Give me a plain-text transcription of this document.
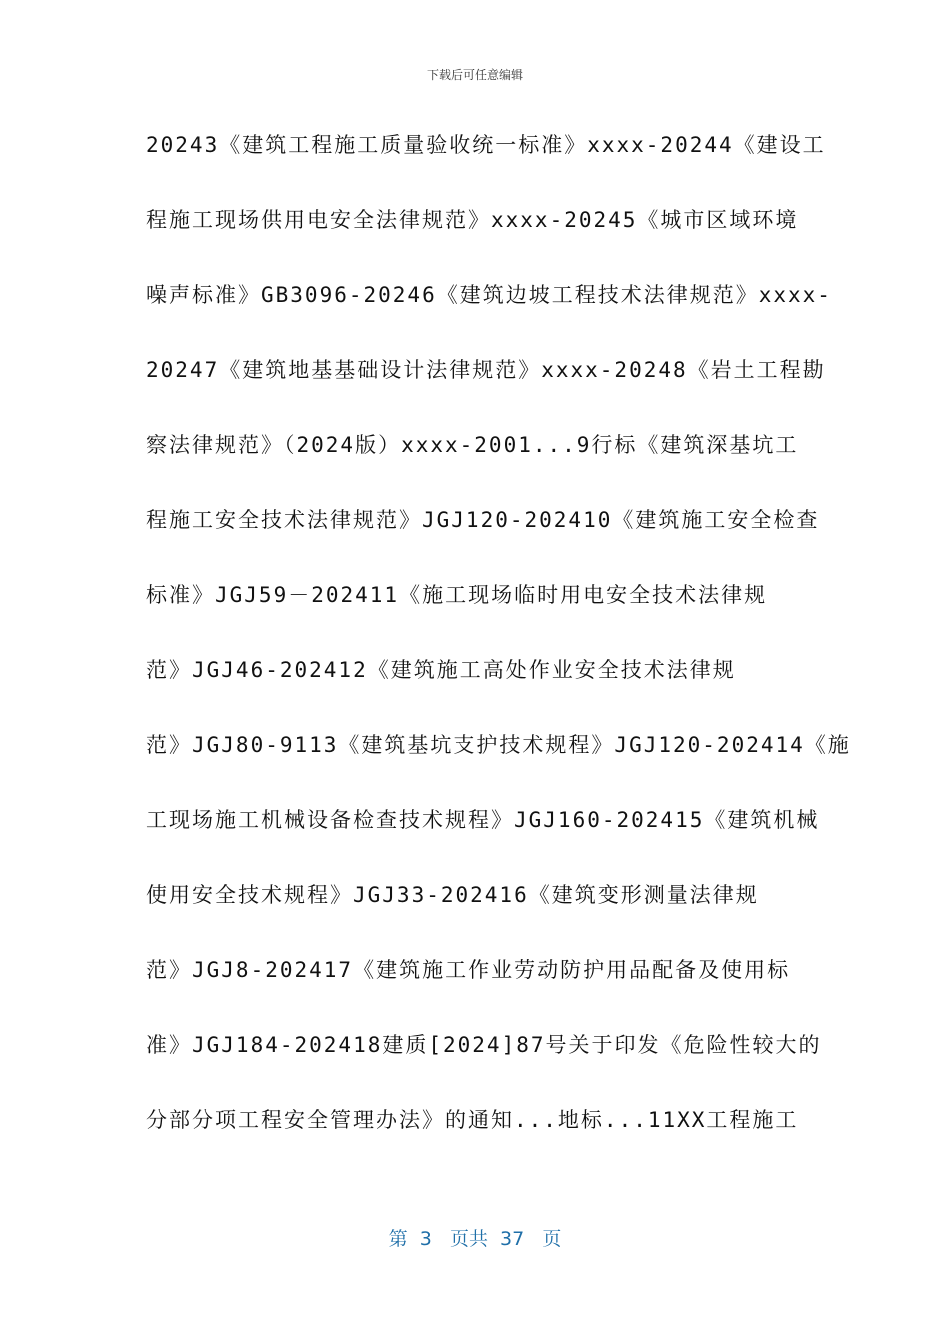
下载后可任意编辑
20243《建筑工程施工质量验收统一标准》xxxx-20244《建设工
程施工现场供用电安全法律规范》xxxx-20245《城市区域环境
噪声标准》GB3096-20246《建筑边坡工程技术法律规范》xxxx-
20247《建筑地基基础设计法律规范》xxxx-20248《岩土工程勘
察法律规范》（2024版）xxxx-2001...9行标《建筑深基坑工
程施工安全技术法律规范》JGJ120-202410《建筑施工安全检查
标准》JGJ59－202411《施工现场临时用电安全技术法律规
范》JGJ46-202412《建筑施工高处作业安全技术法律规
范》JGJ80-9113《建筑基坑支护技术规程》JGJ120-202414《施
工现场施工机械设备检查技术规程》JGJ160-202415《建筑机械
使用安全技术规程》JGJ33-202416《建筑变形测量法律规
范》JGJ8-202417《建筑施工作业劳动防护用品配备及使用标
准》JGJ184-202418建质[2024]87号关于印发《危险性较大的
分部分项工程安全管理办法》的通知...地标...11XX工程施工
第  3   页共  37   页
